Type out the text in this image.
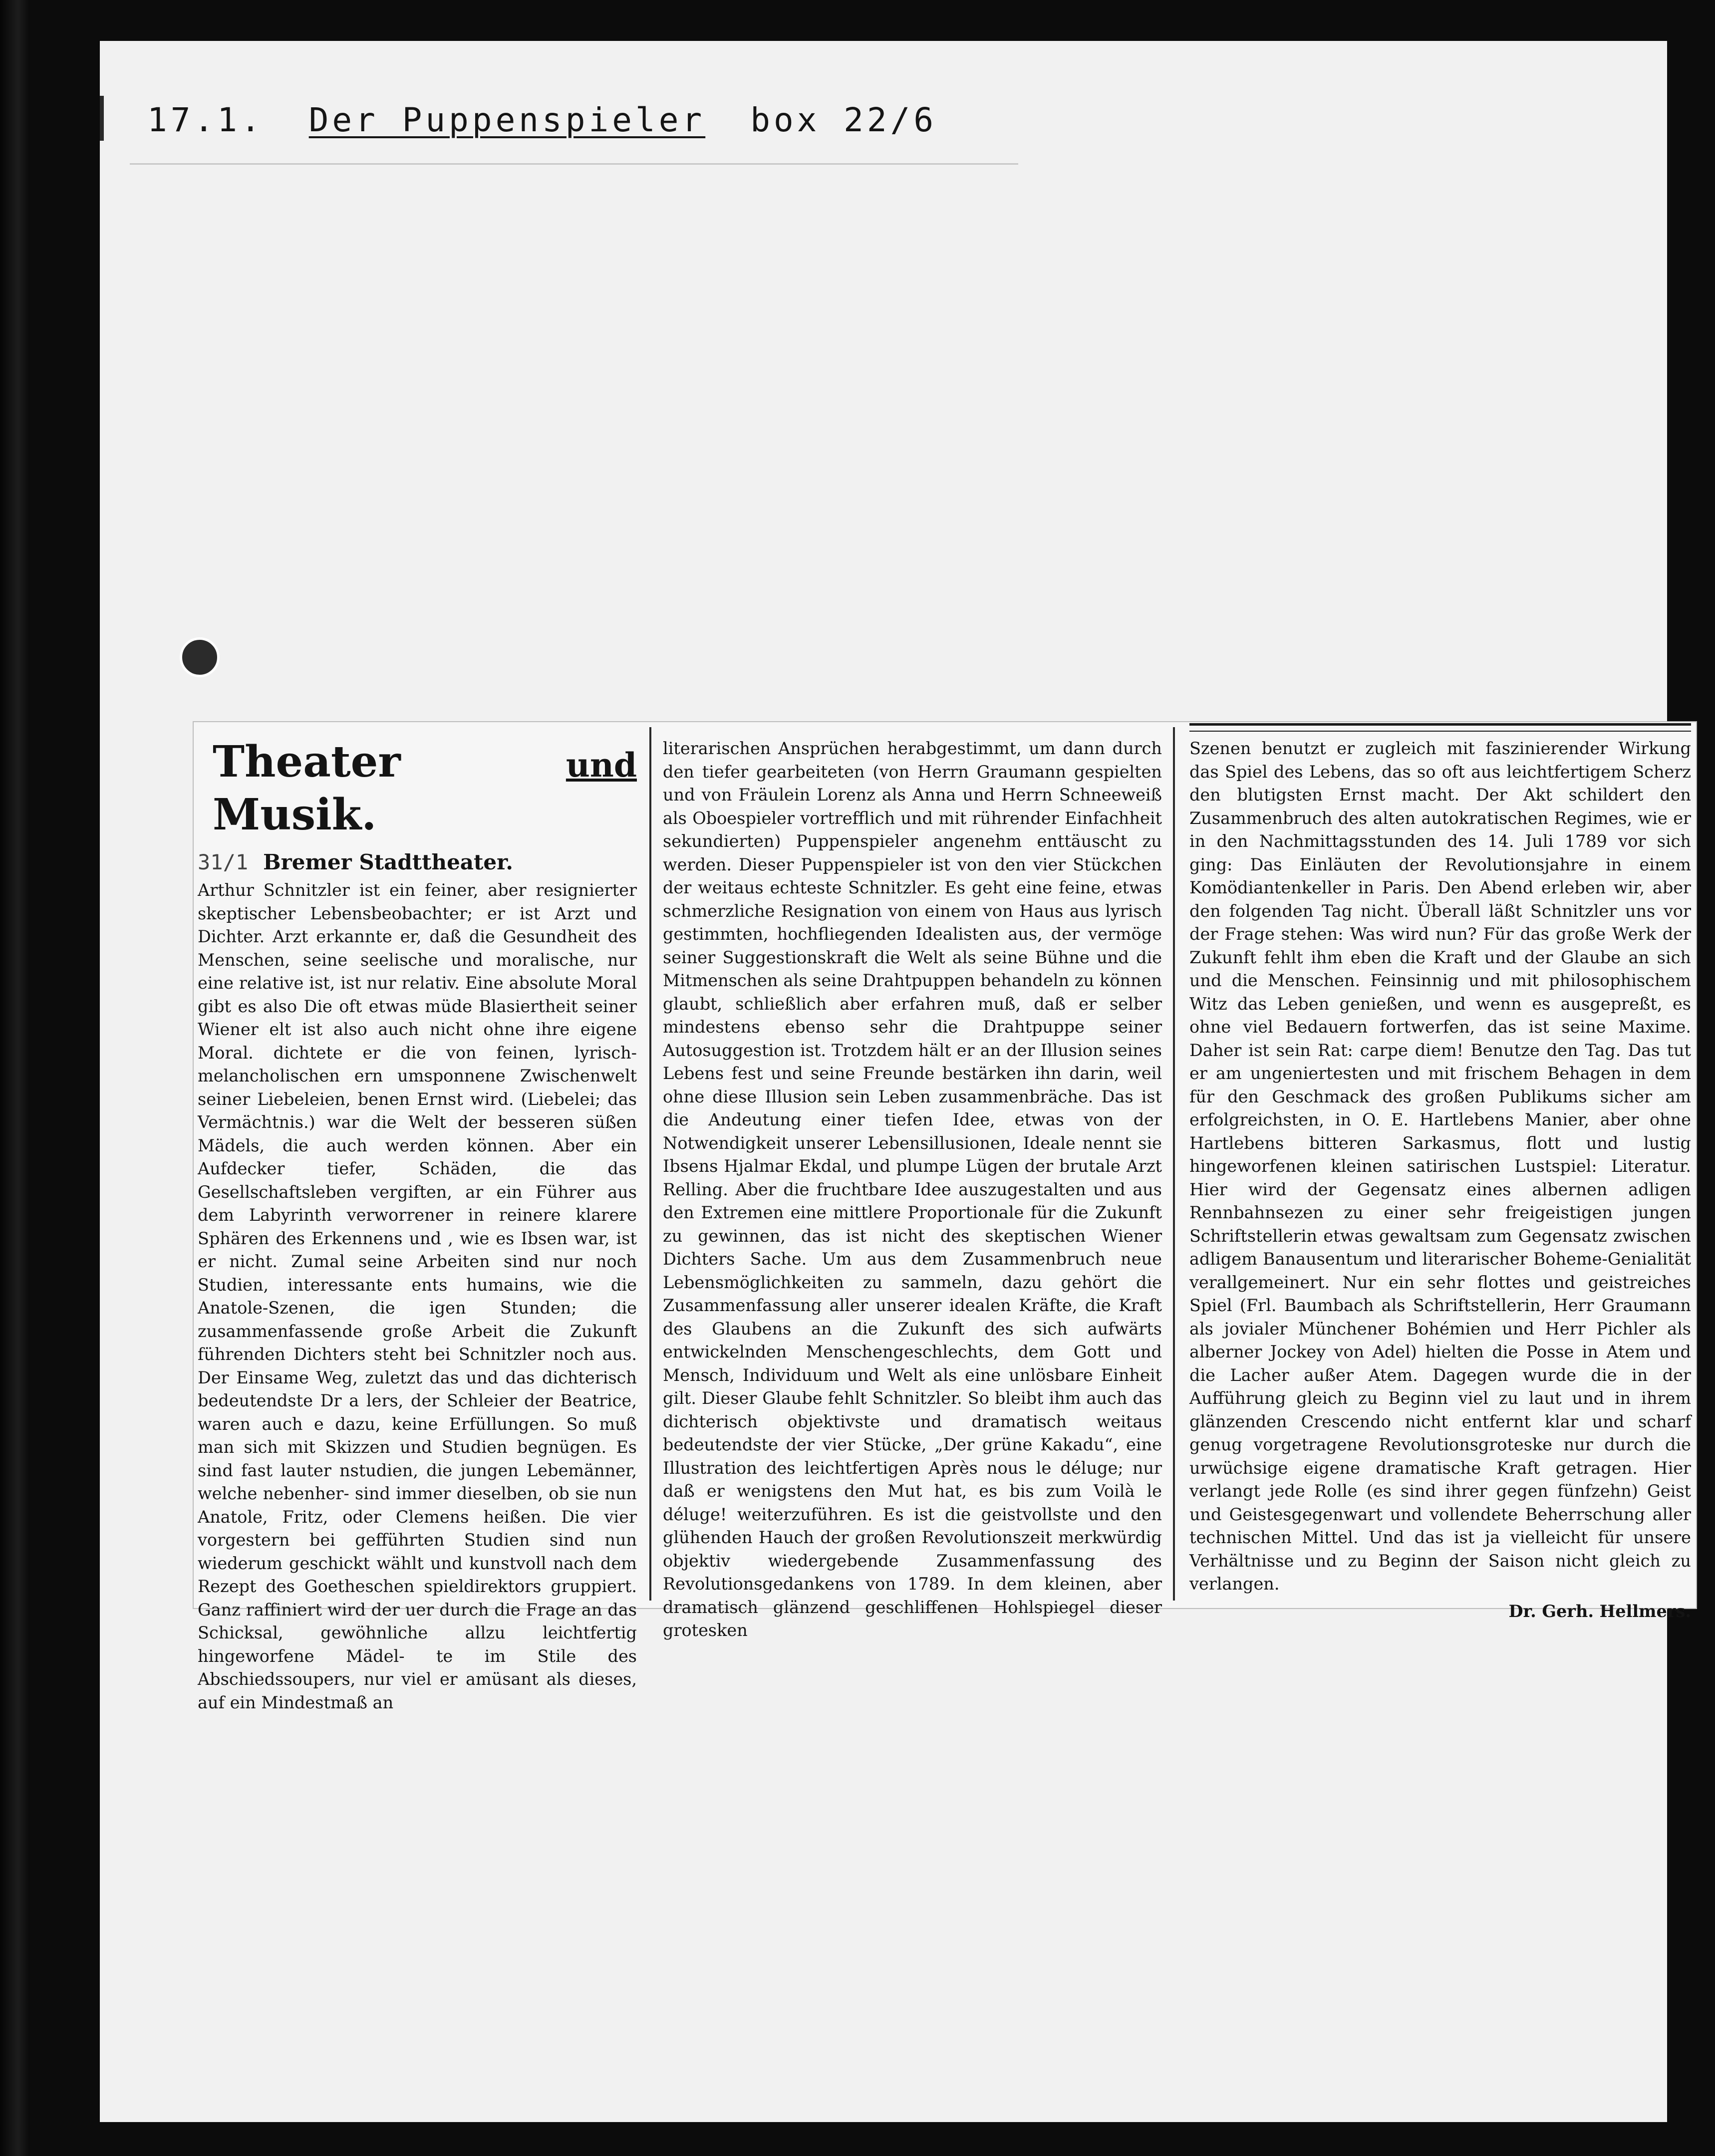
17.1. Der Puppenspieler box 22/6
Theater	und Musik.
31/1 Bremer Stadttheater.

Arthur Schnitzler ist ein feiner, aber resignierter skeptischer Lebensbeobachter; er ist Arzt und Dichter. Arzt erkannte er, daß die Gesundheit des Menschen, seine seelische und moralische, nur eine relative ist, ist nur relativ. Eine absolute Moral gibt es also Die oft etwas müde Blasiertheit seiner Wiener elt ist also auch nicht ohne ihre eigene Moral. dichtete er die von feinen, lyrisch-melancholischen ern umsponnene Zwischenwelt seiner Liebeleien, benen Ernst wird. (Liebelei; das Vermächtnis.) war die Welt der besseren süßen Mädels, die auch werden können. Aber ein Aufdecker tiefer, Schäden, die das Gesellschaftsleben vergiften, ar ein Führer aus dem Labyrinth verworrener in reinere klarere Sphären des Erkennens und , wie es Ibsen war, ist er nicht. Zumal seine Arbeiten sind nur noch Studien, interessante ents humains, wie die Anatole-Szenen, die igen Stunden; die zusammenfassende große Arbeit die Zukunft führenden Dichters steht bei Schnitzler noch aus. Der Einsame Weg, zuletzt das und das dichterisch bedeutendste Dr a lers, der Schleier der Beatrice, waren auch e dazu, keine Erfüllungen. So muß man sich mit Skizzen und Studien begnügen. Es sind fast lauter nstudien, die jungen Lebemänner, welche nebenher- sind immer dieselben, ob sie nun Anatole, Fritz, oder Clemens heißen. Die vier vorgestern bei gefführten Studien sind nun wiederum geschickt wählt und kunstvoll nach dem Rezept des Goetheschen spieldirektors gruppiert. Ganz raffiniert wird der uer durch die Frage an das Schicksal, gewöhnliche allzu leichtfertig hingeworfene Mädel- te im Stile des Abschiedssoupers, nur viel er amüsant als dieses, auf ein Mindestmaß an

literarischen Ansprüchen herabgestimmt, um dann durch den tiefer gearbeiteten (von Herrn Graumann gespielten und von Fräulein Lorenz als Anna und Herrn Schneeweiß als Oboespieler vortrefflich und mit rührender Einfachheit sekundierten) Puppenspieler angenehm enttäuscht zu werden. Dieser Puppenspieler ist von den vier Stückchen der weitaus echteste Schnitzler. Es geht eine feine, etwas schmerzliche Resignation von einem von Haus aus lyrisch gestimmten, hochfliegenden Idealisten aus, der vermöge seiner Suggestionskraft die Welt als seine Bühne und die Mitmenschen als seine Drahtpuppen behandeln zu können glaubt, schließlich aber erfahren muß, daß er selber mindestens ebenso sehr die Drahtpuppe seiner Autosuggestion ist. Trotzdem hält er an der Illusion seines Lebens fest und seine Freunde bestärken ihn darin, weil ohne diese Illusion sein Leben zusammenbräche. Das ist die Andeutung einer tiefen Idee, etwas von der Notwendigkeit unserer Lebensillusionen, Ideale nennt sie Ibsens Hjalmar Ekdal, und plumpe Lügen der brutale Arzt Relling. Aber die fruchtbare Idee auszugestalten und aus den Extremen eine mittlere Proportionale für die Zukunft zu gewinnen, das ist nicht des skeptischen Wiener Dichters Sache. Um aus dem Zusammenbruch neue Lebensmöglichkeiten zu sammeln, dazu gehört die Zusammenfassung aller unserer idealen Kräfte, die Kraft des Glaubens an die Zukunft des sich aufwärts entwickelnden Menschengeschlechts, dem Gott und Mensch, Individuum und Welt als eine unlösbare Einheit gilt. Dieser Glaube fehlt Schnitzler. So bleibt ihm auch das dichterisch objektivste und dramatisch weitaus bedeutendste der vier Stücke, „Der grüne Kakadu“, eine Illustration des leichtfertigen Après nous le déluge; nur daß er wenigstens den Mut hat, es bis zum Voilà le déluge! weiterzuführen. Es ist die geistvollste und den glühenden Hauch der großen Revolutionszeit merkwürdig objektiv wiedergebende Zusammenfassung des Revolutionsgedankens von 1789. In dem kleinen, aber dramatisch glänzend geschliffenen Hohlspiegel dieser grotesken

Szenen benutzt er zugleich mit faszinierender Wirkung das Spiel des Lebens, das so oft aus leichtfertigem Scherz den blutigsten Ernst macht. Der Akt schildert den Zusammenbruch des alten autokratischen Regimes, wie er in den Nachmittagsstunden des 14. Juli 1789 vor sich ging: Das Einläuten der Revolutionsjahre in einem Komödiantenkeller in Paris. Den Abend erleben wir, aber den folgenden Tag nicht. Überall läßt Schnitzler uns vor der Frage stehen: Was wird nun? Für das große Werk der Zukunft fehlt ihm eben die Kraft und der Glaube an sich und die Menschen. Feinsinnig und mit philosophischem Witz das Leben genießen, und wenn es ausgepreßt, es ohne viel Bedauern fortwerfen, das ist seine Maxime. Daher ist sein Rat: carpe diem! Benutze den Tag. Das tut er am ungeniertesten und mit frischem Behagen in dem für den Geschmack des großen Publikums sicher am erfolgreichsten, in O. E. Hartlebens Manier, aber ohne Hartlebens bitteren Sarkasmus, flott und lustig hingeworfenen kleinen satirischen Lustspiel: Literatur. Hier wird der Gegensatz eines albernen adligen Rennbahnsezen zu einer sehr freigeistigen jungen Schriftstellerin etwas gewaltsam zum Gegensatz zwischen adligem Banausentum und literarischer Boheme-Genialität verallgemeinert. Nur ein sehr flottes und geistreiches Spiel (Frl. Baumbach als Schriftstellerin, Herr Graumann als jovialer Münchener Bohémien und Herr Pichler als alberner Jockey von Adel) hielten die Posse in Atem und die Lacher außer Atem. Dagegen wurde die in der Aufführung gleich zu Beginn viel zu laut und in ihrem glänzenden Crescendo nicht entfernt klar und scharf genug vorgetragene Revolutionsgroteske nur durch die urwüchsige eigene dramatische Kraft getragen. Hier verlangt jede Rolle (es sind ihrer gegen fünfzehn) Geist und Geistesgegenwart und vollendete Beherrschung aller technischen Mittel. Und das ist ja vielleicht für unsere Verhältnisse und zu Beginn der Saison nicht gleich zu verlangen.

Dr. Gerh. Hellmers.
